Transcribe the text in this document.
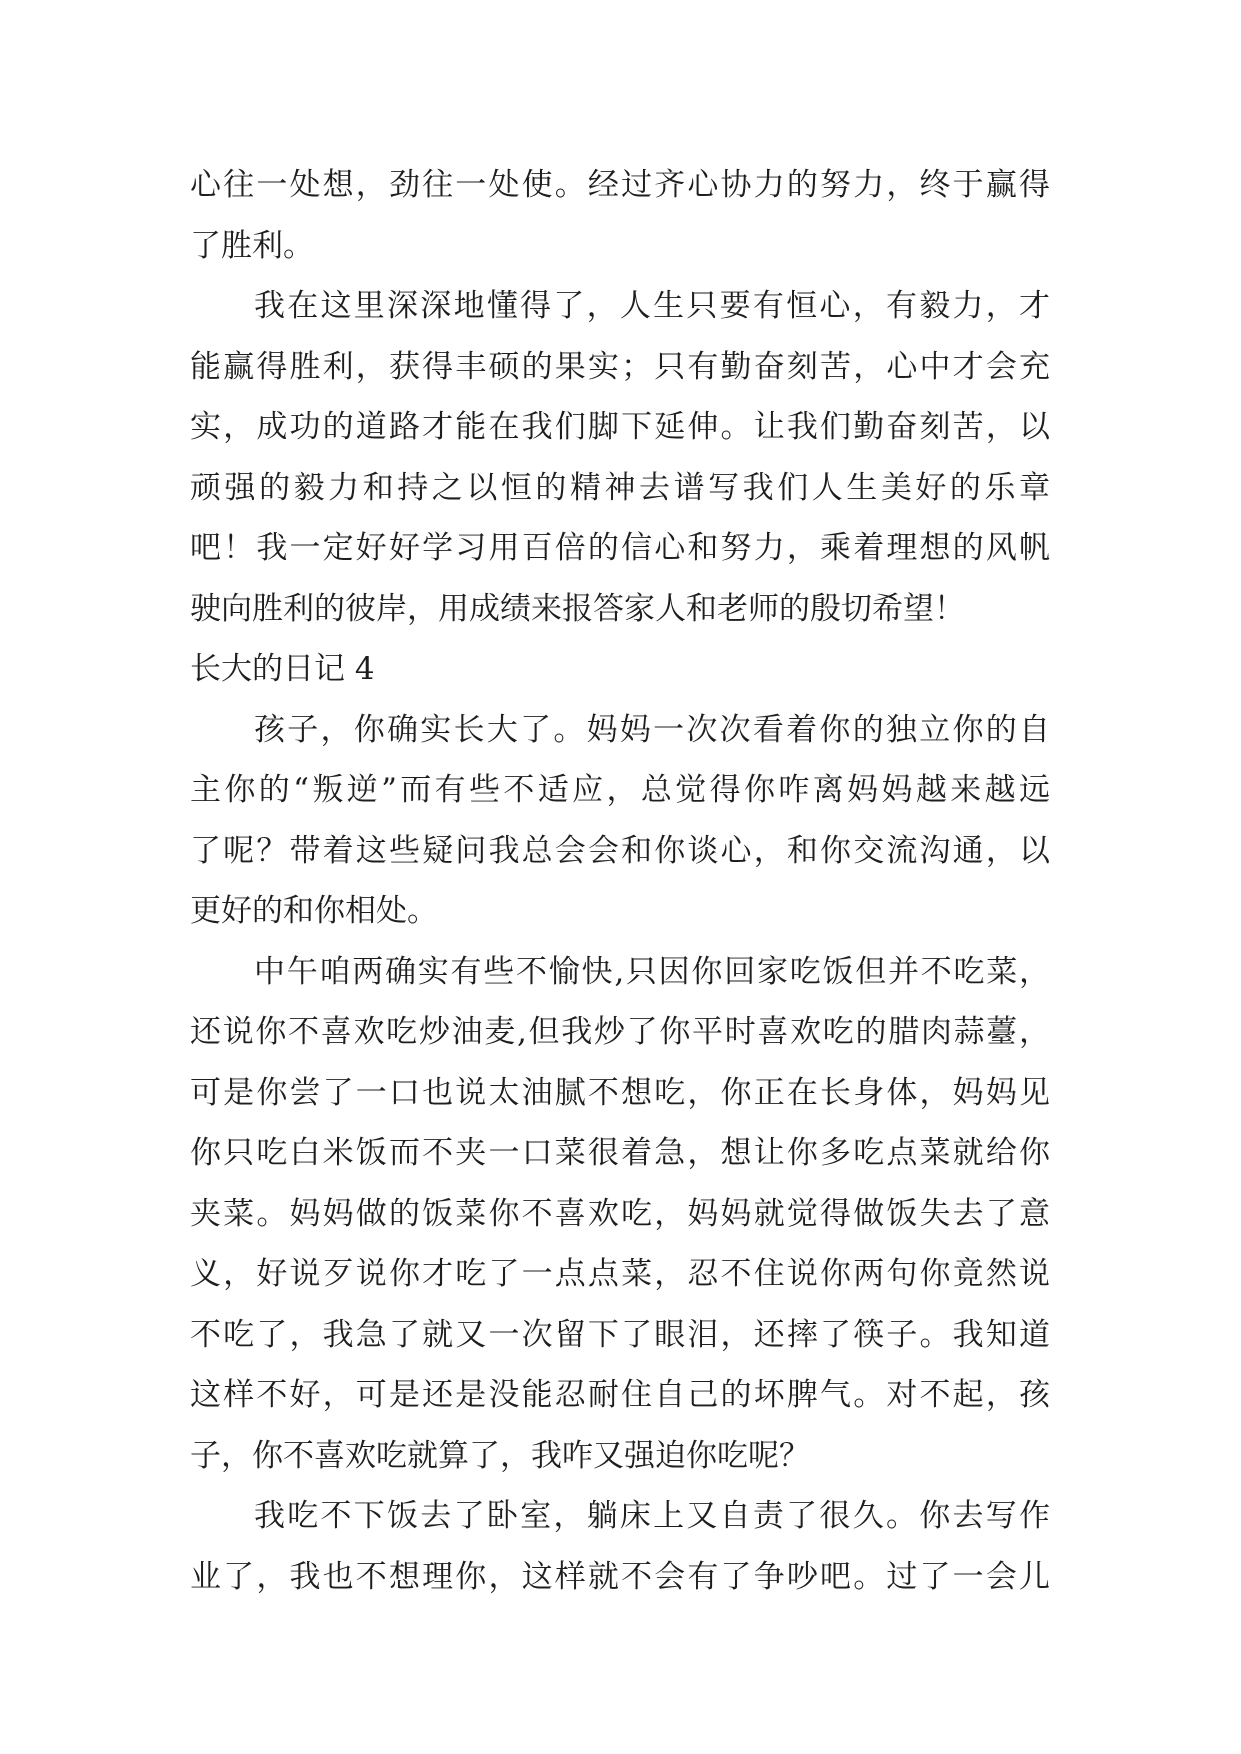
心往一处想，劲往一处使。经过齐心协力的努力，终于赢得
了胜利。
我在这里深深地懂得了，人生只要有恒心，有毅力，才
能赢得胜利，获得丰硕的果实；只有勤奋刻苦，心中才会充
实，成功的道路才能在我们脚下延伸。让我们勤奋刻苦，以
顽强的毅力和持之以恒的精神去谱写我们人生美好的乐章
吧！我一定好好学习用百倍的信心和努力，乘着理想的风帆
驶向胜利的彼岸，用成绩来报答家人和老师的殷切希望！
长大的日记 4
孩子，你确实长大了。妈妈一次次看着你的独立你的自
主你的“叛逆”而有些不适应，总觉得你咋离妈妈越来越远
了呢？带着这些疑问我总会会和你谈心，和你交流沟通，以
更好的和你相处。
中午咱两确实有些不愉快,只因你回家吃饭但并不吃菜，
还说你不喜欢吃炒油麦,但我炒了你平时喜欢吃的腊肉蒜薹，
可是你尝了一口也说太油腻不想吃，你正在长身体，妈妈见
你只吃白米饭而不夹一口菜很着急，想让你多吃点菜就给你
夹菜。妈妈做的饭菜你不喜欢吃，妈妈就觉得做饭失去了意
义，好说歹说你才吃了一点点菜，忍不住说你两句你竟然说
不吃了，我急了就又一次留下了眼泪，还摔了筷子。我知道
这样不好，可是还是没能忍耐住自己的坏脾气。对不起，孩
子，你不喜欢吃就算了，我咋又强迫你吃呢？
我吃不下饭去了卧室，躺床上又自责了很久。你去写作
业了，我也不想理你，这样就不会有了争吵吧。过了一会儿
